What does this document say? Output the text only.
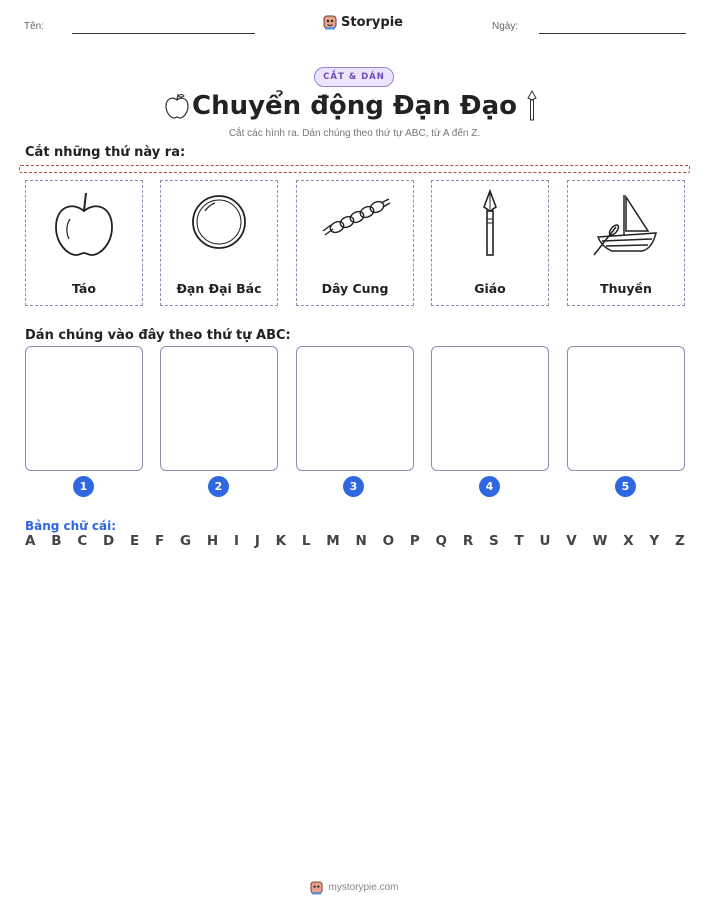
Tên:	Storypie	Ngày:
CẮT & DÁN
Chuyển động Đạn Đạo
Cắt các hình ra. Dán chúng theo thứ tự ABC, từ A đến Z.
Cắt những thứ này ra:
Táo	Đạn Đại Bác	Dây Cung	Giáo	Thuyền
Dán chúng vào đây theo thứ tự ABC:
1	2	3	4	5
Bảng chữ cái:
A B C D E F G H I J K L M N O P Q R S T U V W X Y Z
mystorypie.com
